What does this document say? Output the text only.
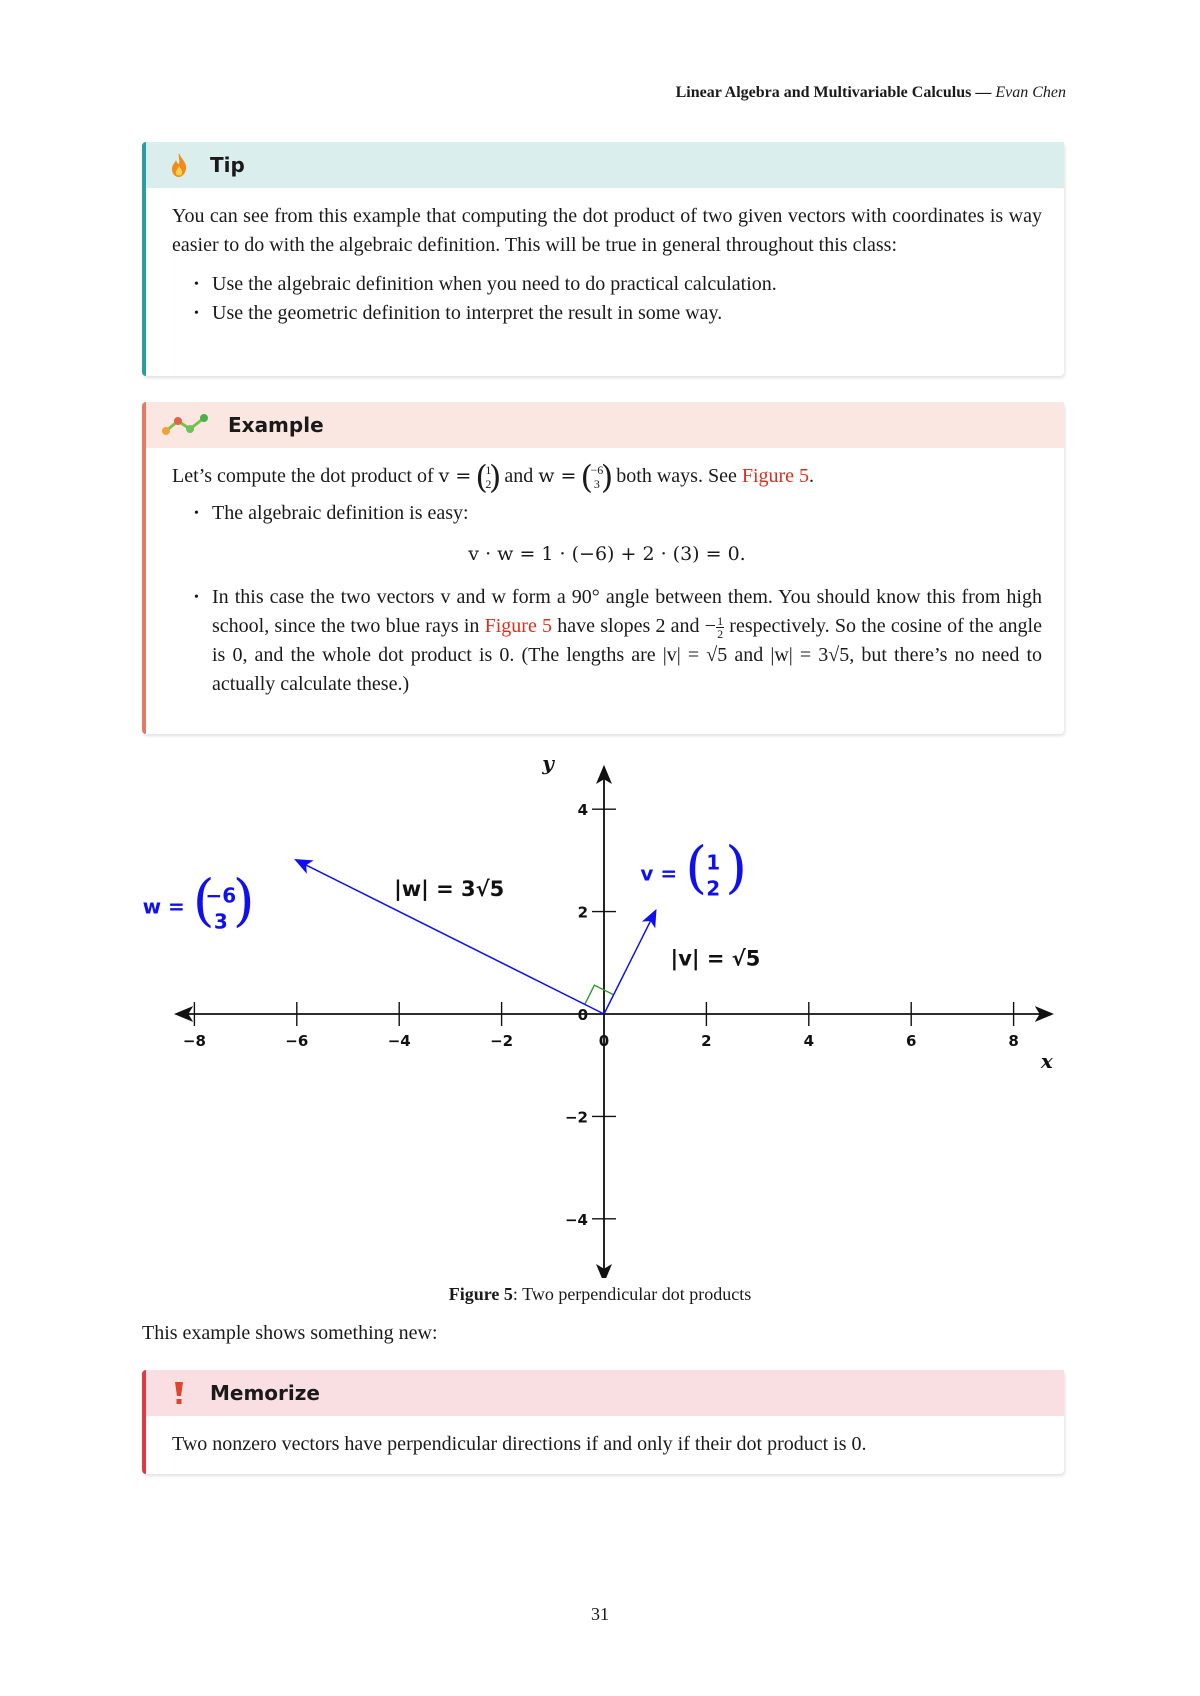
Linear Algebra and Multivariable Calculus — Evan Chen
Tip

You can see from this example that computing the dot product of two given vectors with coordinates is way easier to do with the algebraic definition. This will be true in general throughout this class:

• Use the algebraic definition when you need to do practical calculation.
• Use the geometric definition to interpret the result in some way.
Example

Let’s compute the dot product of v = ( 1
2
) and w = ( −6
3
) both ways. See Figure 5.

• The algebraic definition is easy:
v · w = 1 · (−6) + 2 · (3) = 0.
• In this case the two vectors v and w form a 90° angle between them. You should know this from high school, since the two blue rays in Figure 5 have slopes 2 and − $\frac{1}{2}$ respectively. So the cosine of the angle is 0, and the whole dot product is 0. (The lengths are |v| = √5 and |w| = 3√5, but there’s no need to actually calculate these.)
−8	−6	−4	−2	0	2	4	6	8
−4
−2
0
2
4
x
y
v = ( 1
2 )
w = (
−6
3 )
|v| = √5
|w| = 3√5
Figure 5: Two perpendicular dot products
This example shows something new:
Memorize

Two nonzero vectors have perpendicular directions if and only if their dot product is 0.

31
